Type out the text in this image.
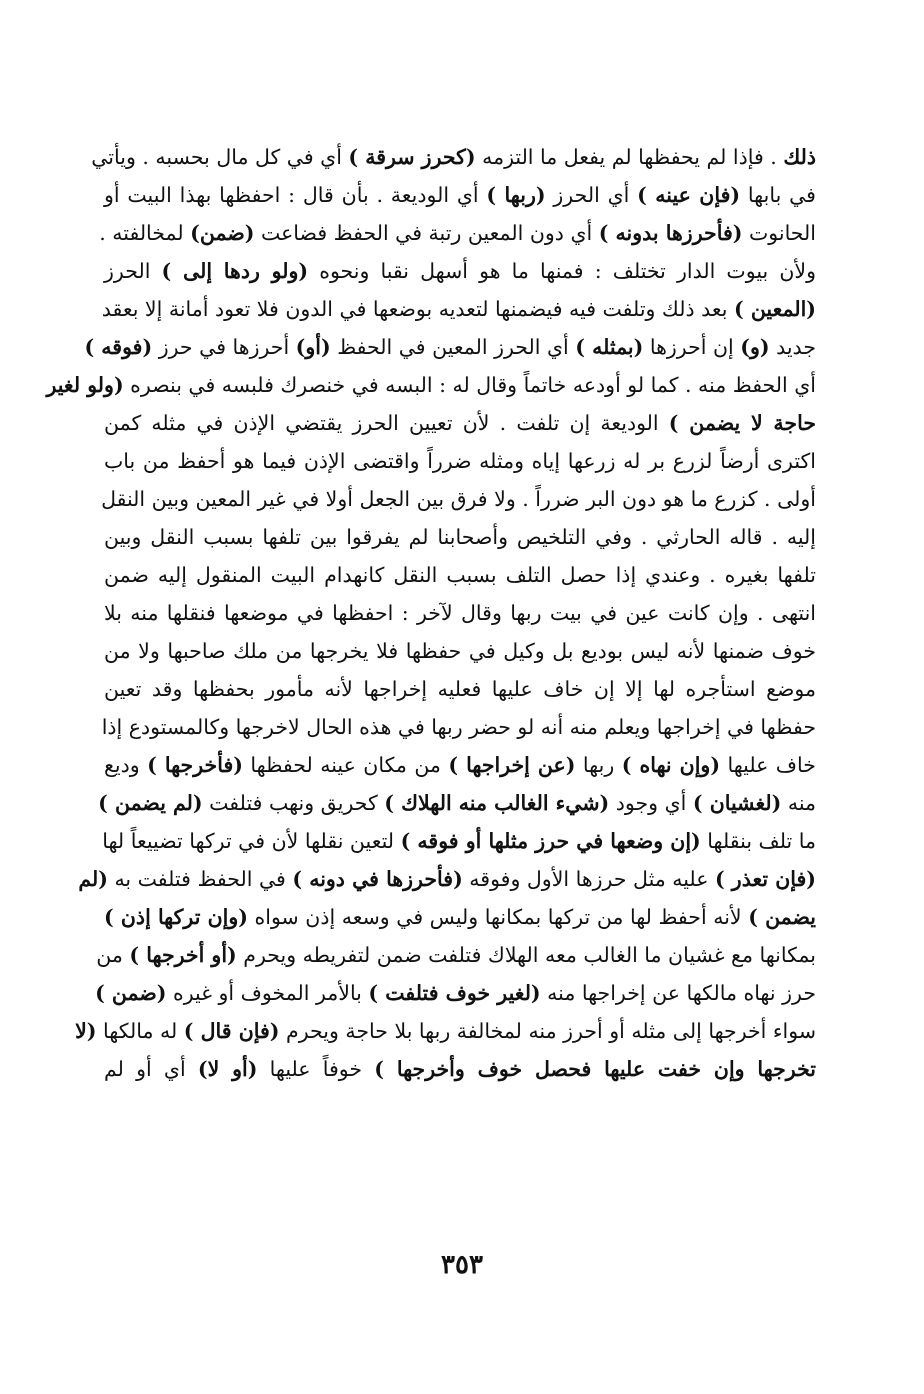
ذلك . فإذا لم يحفظها لم يفعل ما التزمه (كحرز سرقة ) أي في كل مال بحسبه . ويأتي
في بابها (فإن عينه ) أي الحرز (ربها ) أي الوديعة . بأن قال : احفظها بهذا البيت أو
الحانوت (فأحرزها بدونه ) أي دون المعين رتبة في الحفظ فضاعت (ضمن) لمخالفته .
ولأن بيوت الدار تختلف : فمنها ما هو أسهل نقبا ونحوه (ولو ردها إلى ) الحرز
(المعين ) بعد ذلك وتلفت فيه فيضمنها لتعديه بوضعها في الدون فلا تعود أمانة إلا بعقد
جديد (و) إن أحرزها (بمثله ) أي الحرز المعين في الحفظ (أو) أحرزها في حرز (فوقه )
أي الحفظ منه . كما لو أودعه خاتماً وقال له : البسه في خنصرك فلبسه في بنصره (ولو لغير
حاجة لا يضمن ) الوديعة إن تلفت . لأن تعيين الحرز يقتضي الإذن في مثله كمن
اكترى أرضاً لزرع بر له زرعها إياه ومثله ضرراً واقتضى الإذن فيما هو أحفظ من باب
أولى . كزرع ما هو دون البر ضرراً . ولا فرق بين الجعل أولا في غير المعين وبين النقل
إليه . قاله الحارثي . وفي التلخيص وأصحابنا لم يفرقوا بين تلفها بسبب النقل وبين
تلفها بغيره . وعندي إذا حصل التلف بسبب النقل كانهدام البيت المنقول إليه ضمن
انتهى . وإن كانت عين في بيت ربها وقال لآخر : احفظها في موضعها فنقلها منه بلا
خوف ضمنها لأنه ليس بوديع بل وكيل في حفظها فلا يخرجها من ملك صاحبها ولا من
موضع استأجره لها إلا إن خاف عليها فعليه إخراجها لأنه مأمور بحفظها وقد تعين
حفظها في إخراجها ويعلم منه أنه لو حضر ربها في هذه الحال لاخرجها وكالمستودع إذا
خاف عليها (وإن نهاه ) ربها (عن إخراجها ) من مكان عينه لحفظها (فأخرجها ) وديع
منه (لغشيان ) أي وجود (شيء الغالب منه الهلاك ) كحريق ونهب فتلفت (لم يضمن )
ما تلف بنقلها (إن وضعها في حرز مثلها أو فوقه ) لتعين نقلها لأن في تركها تضييعاً لها
(فإن تعذر ) عليه مثل حرزها الأول وفوقه (فأحرزها في دونه ) في الحفظ فتلفت به (لم
يضمن ) لأنه أحفظ لها من تركها بمكانها وليس في وسعه إذن سواه (وإن تركها إذن )
بمكانها مع غشيان ما الغالب معه الهلاك فتلفت ضمن لتفريطه ويحرم (أو أخرجها ) من
حرز نهاه مالكها عن إخراجها منه (لغير خوف فتلفت ) بالأمر المخوف أو غيره (ضمن )
سواء أخرجها إلى مثله أو أحرز منه لمخالفة ربها بلا حاجة ويحرم (فإن قال ) له مالكها (لا
تخرجها وإن خفت عليها فحصل خوف وأخرجها ) خوفاً عليها (أو لا) أي أو لم
٣٥٣
